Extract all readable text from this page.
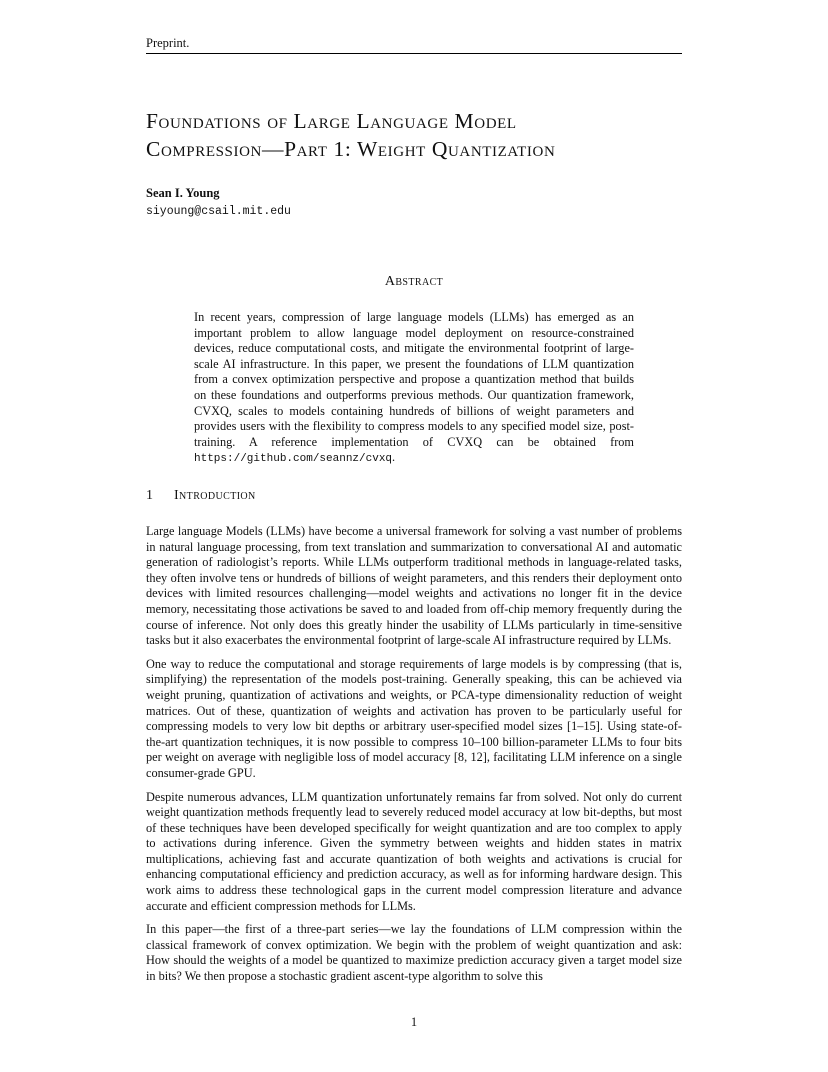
Preprint.
Foundations of Large Language Model
Compression—Part 1: Weight Quantization
Sean I. Young
siyoung@csail.mit.edu
Abstract

In recent years, compression of large language models (LLMs) has emerged as an important problem to allow language model deployment on resource-constrained devices, reduce computational costs, and mitigate the environmental footprint of large-scale AI infrastructure. In this paper, we present the foundations of LLM quantization from a convex optimization perspective and propose a quantization method that builds on these foundations and outperforms previous methods. Our quantization framework, CVXQ, scales to models containing hundreds of billions of weight parameters and provides users with the flexibility to compress models to any specified model size, post-training. A reference implementation of CVXQ can be obtained from https://github.com/seannz/cvxq.

1 Introduction

Large language Models (LLMs) have become a universal framework for solving a vast number of problems in natural language processing, from text translation and summarization to conversational AI and automatic generation of radiologist’s reports. While LLMs outperform traditional methods in language-related tasks, they often involve tens or hundreds of billions of weight parameters, and this renders their deployment onto devices with limited resources challenging—model weights and activations no longer fit in the device memory, necessitating those activations be saved to and loaded from off-chip memory frequently during the course of inference. Not only does this greatly hinder the usability of LLMs particularly in time-sensitive tasks but it also exacerbates the environmental footprint of large-scale AI infrastructure required by LLMs.

One way to reduce the computational and storage requirements of large models is by compressing (that is, simplifying) the representation of the models post-training. Generally speaking, this can be achieved via weight pruning, quantization of activations and weights, or PCA-type dimensionality reduction of weight matrices. Out of these, quantization of weights and activation has proven to be particularly useful for compressing models to very low bit depths or arbitrary user-specified model sizes [1–15]. Using state-of-the-art quantization techniques, it is now possible to compress 10–100 billion-parameter LLMs to four bits per weight on average with negligible loss of model accuracy [8, 12], facilitating LLM inference on a single consumer-grade GPU.

Despite numerous advances, LLM quantization unfortunately remains far from solved. Not only do current weight quantization methods frequently lead to severely reduced model accuracy at low bit-depths, but most of these techniques have been developed specifically for weight quantization and are too complex to apply to activations during inference. Given the symmetry between weights and hidden states in matrix multiplications, achieving fast and accurate quantization of both weights and activations is crucial for enhancing computational efficiency and prediction accuracy, as well as for informing hardware design. This work aims to address these technological gaps in the current model compression literature and advance accurate and efficient compression methods for LLMs.

In this paper—the first of a three-part series—we lay the foundations of LLM compression within the classical framework of convex optimization. We begin with the problem of weight quantization and ask: How should the weights of a model be quantized to maximize prediction accuracy given a target model size in bits? We then propose a stochastic gradient ascent-type algorithm to solve this

1
